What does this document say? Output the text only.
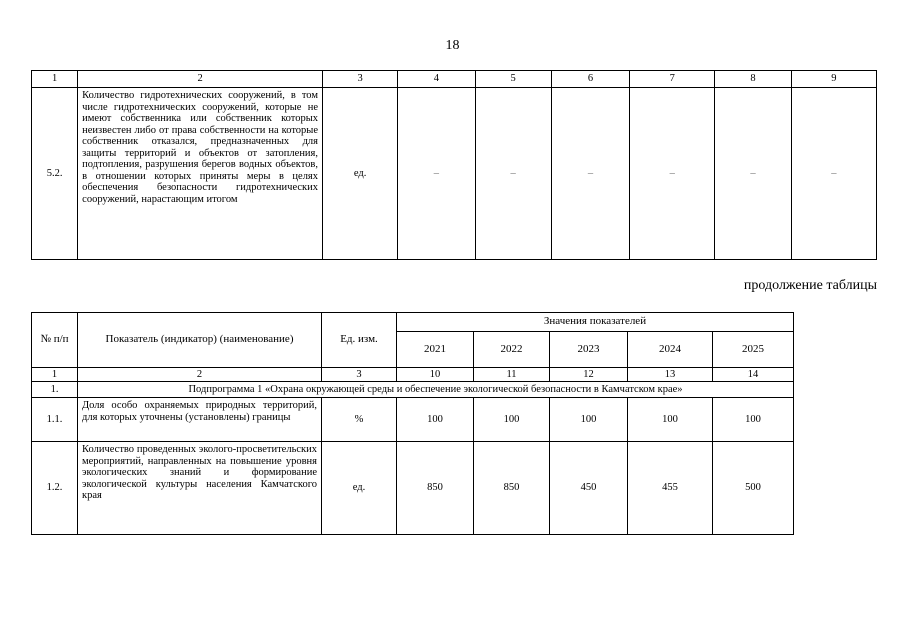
18
1	2	3	4	5	6	7	8	9
5.2.	Количество гидротехнических сооружений, в том числе гидротехнических сооружений, которые не имеют собственника или собственник которых неизвестен либо от права собственности на которые собственник отказался, предназначенных для защиты территорий и объектов от затопления, подтопления, разрушения берегов водных объектов, в отношении которых приняты меры в целях обеспечения безопасности гидротехнических сооружений, нарастающим итогом	ед.	–	–	–	–	–	–
продолжение таблицы
№ п/п	Показатель (индикатор) (наименование)	Ед. изм.	Значения показателей				
			2021	2022	2023	2024	2025
1	2	3	10	11	12	13	14
1.	Подпрограмма 1 «Охрана окружающей среды и обеспечение экологической безопасности в Камчатском крае»						
1.1.	Доля особо охраняемых природных территорий, для которых уточнены (установлены) границы	%	100	100	100	100	100
1.2.	Количество проведенных эколого-просветительских мероприятий, направленных на повышение уровня экологических знаний и формирование экологической культуры населения Камчатского края	ед.	850	850	450	455	500
